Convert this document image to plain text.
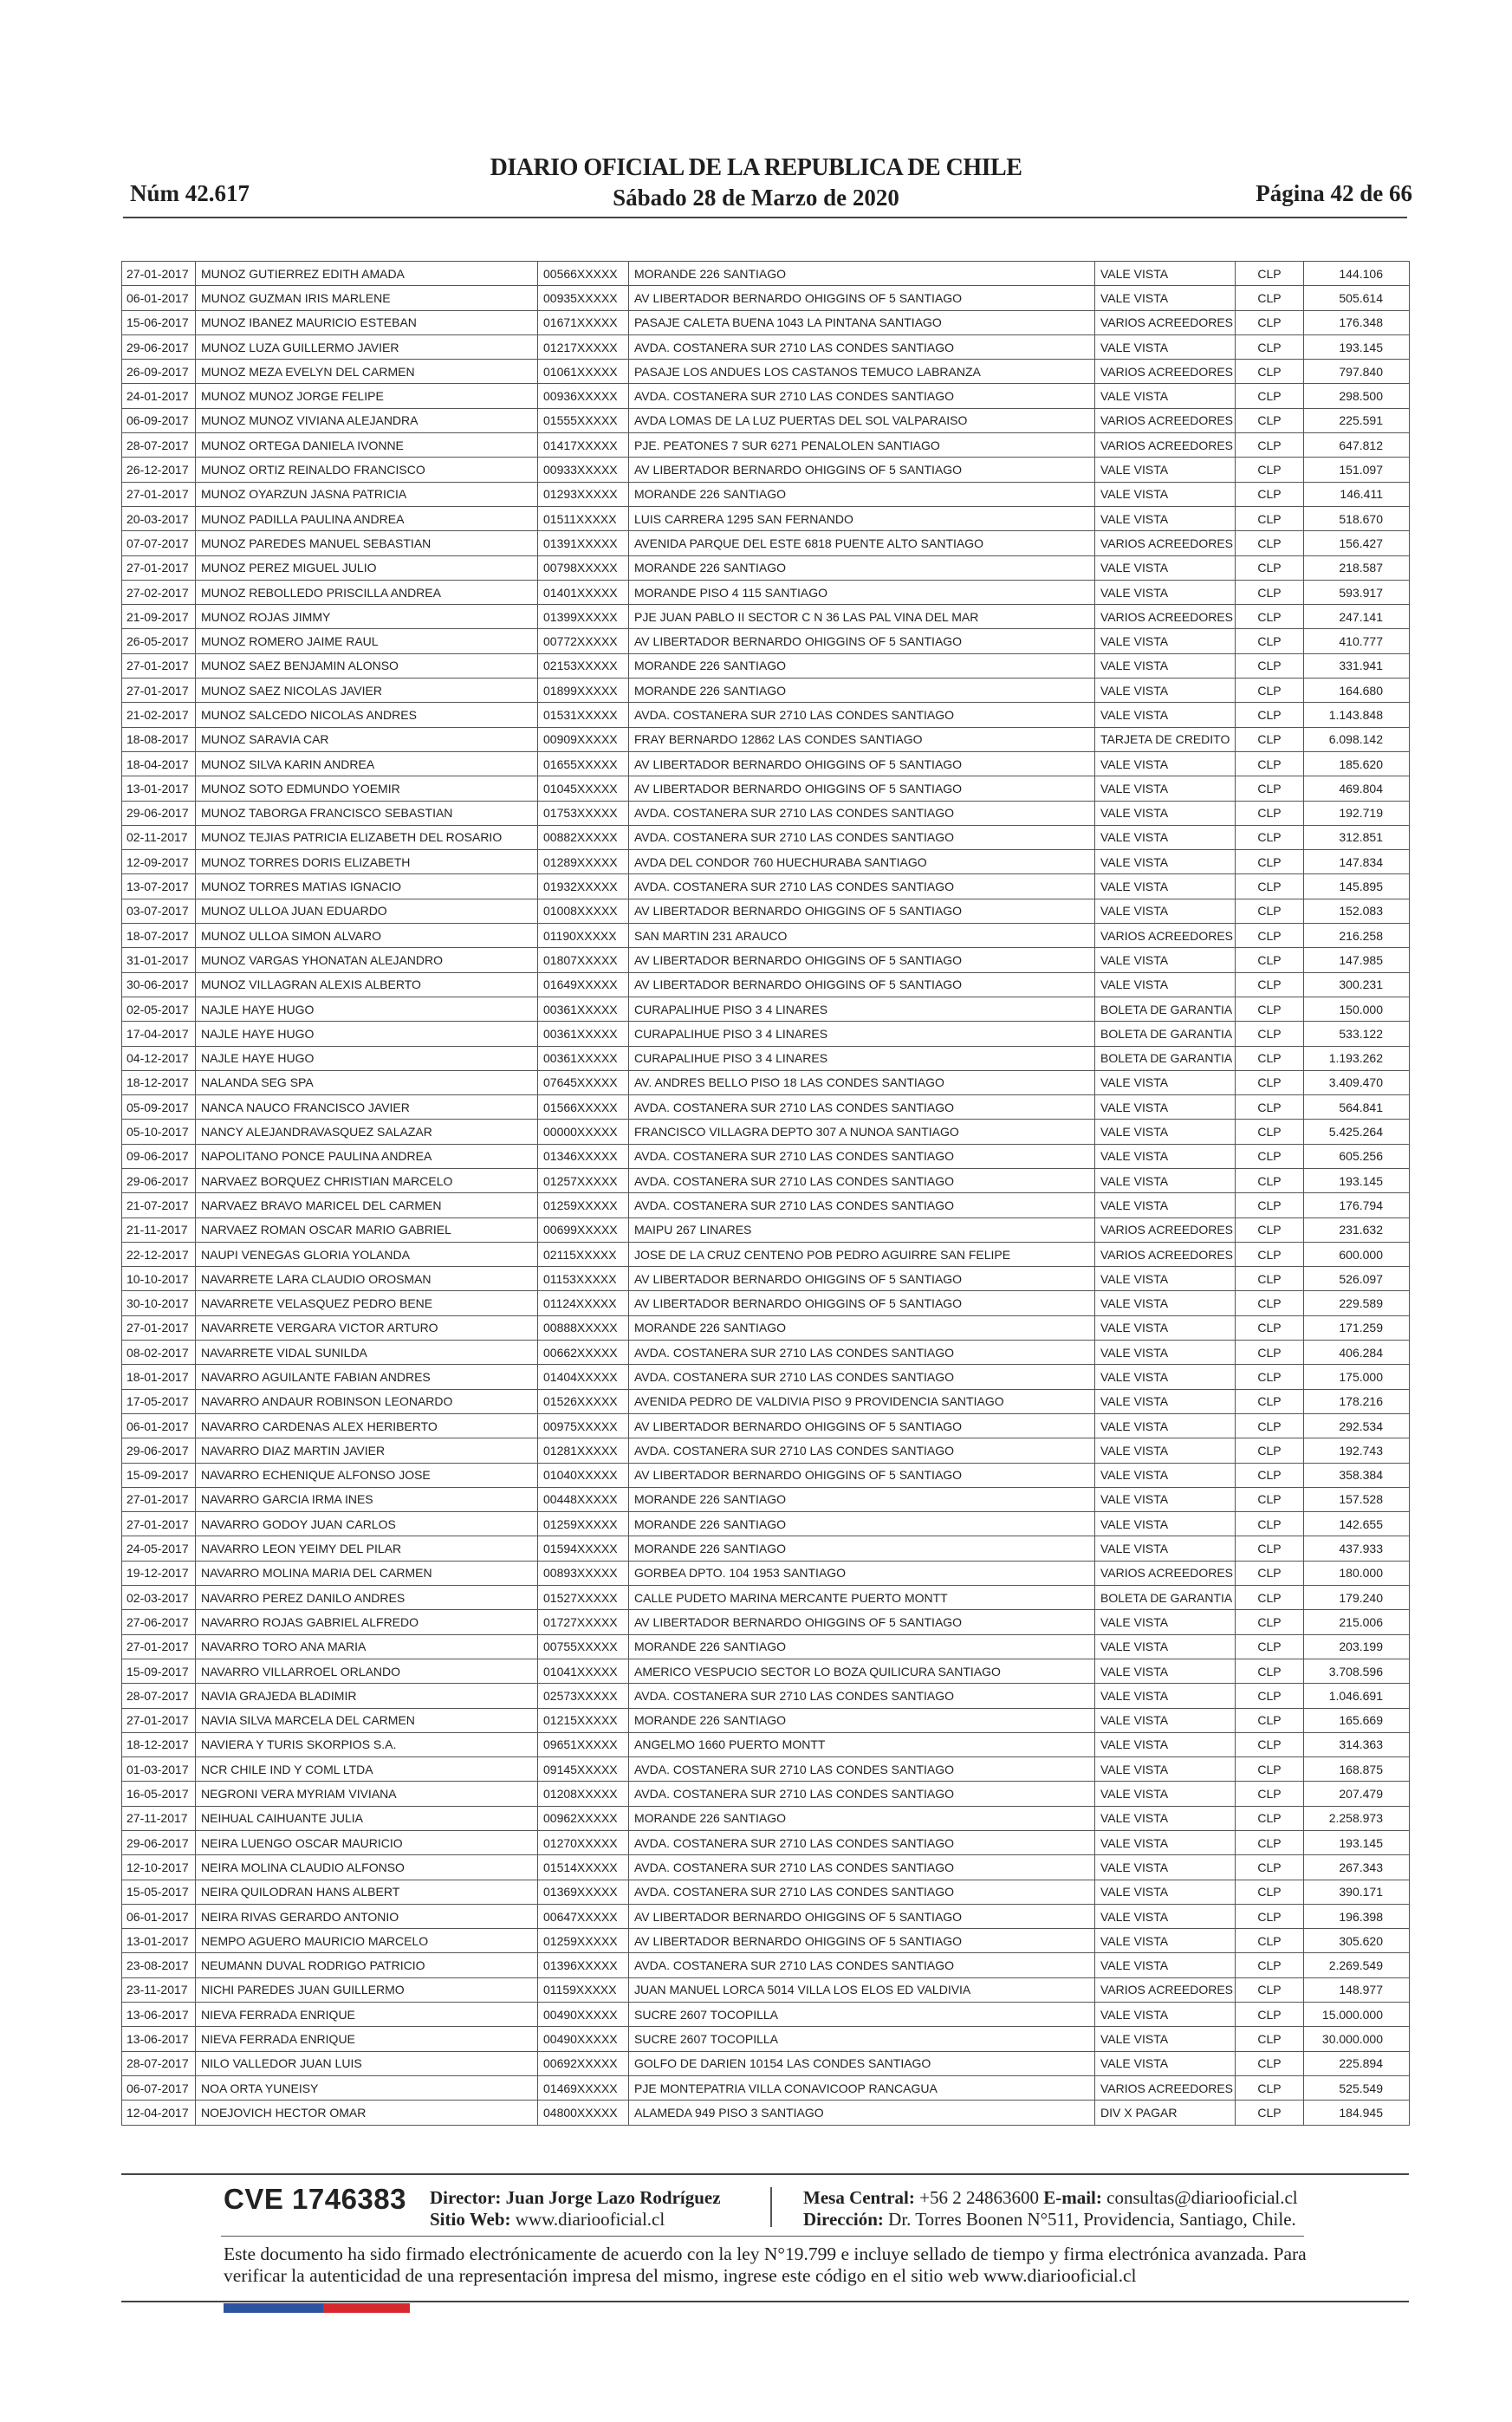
Núm 42.617
DIARIO OFICIAL DE LA REPUBLICA DE CHILE
Sábado 28 de Marzo de 2020	Página 42 de 66
27-01-2017	MUNOZ GUTIERREZ EDITH AMADA	00566XXXXX	MORANDE 226 SANTIAGO	VALE VISTA	CLP	144.106
06-01-2017	MUNOZ GUZMAN IRIS MARLENE	00935XXXXX	AV LIBERTADOR BERNARDO OHIGGINS OF 5 SANTIAGO	VALE VISTA	CLP	505.614
15-06-2017	MUNOZ IBANEZ MAURICIO ESTEBAN	01671XXXXX	PASAJE CALETA BUENA 1043 LA PINTANA SANTIAGO	VARIOS ACREEDORES	CLP	176.348
29-06-2017	MUNOZ LUZA GUILLERMO JAVIER	01217XXXXX	AVDA. COSTANERA SUR 2710 LAS CONDES SANTIAGO	VALE VISTA	CLP	193.145
26-09-2017	MUNOZ MEZA EVELYN DEL CARMEN	01061XXXXX	PASAJE LOS ANDUES LOS CASTANOS TEMUCO LABRANZA	VARIOS ACREEDORES	CLP	797.840
24-01-2017	MUNOZ MUNOZ JORGE FELIPE	00936XXXXX	AVDA. COSTANERA SUR 2710 LAS CONDES SANTIAGO	VALE VISTA	CLP	298.500
06-09-2017	MUNOZ MUNOZ VIVIANA ALEJANDRA	01555XXXXX	AVDA LOMAS DE LA LUZ PUERTAS DEL SOL VALPARAISO	VARIOS ACREEDORES	CLP	225.591
28-07-2017	MUNOZ ORTEGA DANIELA IVONNE	01417XXXXX	PJE. PEATONES 7 SUR 6271 PENALOLEN SANTIAGO	VARIOS ACREEDORES	CLP	647.812
26-12-2017	MUNOZ ORTIZ REINALDO FRANCISCO	00933XXXXX	AV LIBERTADOR BERNARDO OHIGGINS OF 5 SANTIAGO	VALE VISTA	CLP	151.097
27-01-2017	MUNOZ OYARZUN JASNA PATRICIA	01293XXXXX	MORANDE 226 SANTIAGO	VALE VISTA	CLP	146.411
20-03-2017	MUNOZ PADILLA PAULINA ANDREA	01511XXXXX	LUIS CARRERA 1295 SAN FERNANDO	VALE VISTA	CLP	518.670
07-07-2017	MUNOZ PAREDES MANUEL SEBASTIAN	01391XXXXX	AVENIDA PARQUE DEL ESTE 6818 PUENTE ALTO SANTIAGO	VARIOS ACREEDORES	CLP	156.427
27-01-2017	MUNOZ PEREZ MIGUEL JULIO	00798XXXXX	MORANDE 226 SANTIAGO	VALE VISTA	CLP	218.587
27-02-2017	MUNOZ REBOLLEDO PRISCILLA ANDREA	01401XXXXX	MORANDE PISO 4 115 SANTIAGO	VALE VISTA	CLP	593.917
21-09-2017	MUNOZ ROJAS JIMMY	01399XXXXX	PJE JUAN PABLO II SECTOR C N 36 LAS PAL VINA DEL MAR	VARIOS ACREEDORES	CLP	247.141
26-05-2017	MUNOZ ROMERO JAIME RAUL	00772XXXXX	AV LIBERTADOR BERNARDO OHIGGINS OF 5 SANTIAGO	VALE VISTA	CLP	410.777
27-01-2017	MUNOZ SAEZ BENJAMIN ALONSO	02153XXXXX	MORANDE 226 SANTIAGO	VALE VISTA	CLP	331.941
27-01-2017	MUNOZ SAEZ NICOLAS JAVIER	01899XXXXX	MORANDE 226 SANTIAGO	VALE VISTA	CLP	164.680
21-02-2017	MUNOZ SALCEDO NICOLAS ANDRES	01531XXXXX	AVDA. COSTANERA SUR 2710 LAS CONDES SANTIAGO	VALE VISTA	CLP	1.143.848
18-08-2017	MUNOZ SARAVIA CAR	00909XXXXX	FRAY BERNARDO 12862 LAS CONDES SANTIAGO	TARJETA DE CREDITO	CLP	6.098.142
18-04-2017	MUNOZ SILVA KARIN ANDREA	01655XXXXX	AV LIBERTADOR BERNARDO OHIGGINS OF 5 SANTIAGO	VALE VISTA	CLP	185.620
13-01-2017	MUNOZ SOTO EDMUNDO YOEMIR	01045XXXXX	AV LIBERTADOR BERNARDO OHIGGINS OF 5 SANTIAGO	VALE VISTA	CLP	469.804
29-06-2017	MUNOZ TABORGA FRANCISCO SEBASTIAN	01753XXXXX	AVDA. COSTANERA SUR 2710 LAS CONDES SANTIAGO	VALE VISTA	CLP	192.719
02-11-2017	MUNOZ TEJIAS PATRICIA ELIZABETH DEL ROSARIO	00882XXXXX	AVDA. COSTANERA SUR 2710 LAS CONDES SANTIAGO	VALE VISTA	CLP	312.851
12-09-2017	MUNOZ TORRES DORIS ELIZABETH	01289XXXXX	AVDA DEL CONDOR 760 HUECHURABA SANTIAGO	VALE VISTA	CLP	147.834
13-07-2017	MUNOZ TORRES MATIAS IGNACIO	01932XXXXX	AVDA. COSTANERA SUR 2710 LAS CONDES SANTIAGO	VALE VISTA	CLP	145.895
03-07-2017	MUNOZ ULLOA JUAN EDUARDO	01008XXXXX	AV LIBERTADOR BERNARDO OHIGGINS OF 5 SANTIAGO	VALE VISTA	CLP	152.083
18-07-2017	MUNOZ ULLOA SIMON ALVARO	01190XXXXX	SAN MARTIN 231 ARAUCO	VARIOS ACREEDORES	CLP	216.258
31-01-2017	MUNOZ VARGAS YHONATAN ALEJANDRO	01807XXXXX	AV LIBERTADOR BERNARDO OHIGGINS OF 5 SANTIAGO	VALE VISTA	CLP	147.985
30-06-2017	MUNOZ VILLAGRAN ALEXIS ALBERTO	01649XXXXX	AV LIBERTADOR BERNARDO OHIGGINS OF 5 SANTIAGO	VALE VISTA	CLP	300.231
02-05-2017	NAJLE HAYE HUGO	00361XXXXX	CURAPALIHUE PISO 3 4 LINARES	BOLETA DE GARANTIA	CLP	150.000
17-04-2017	NAJLE HAYE HUGO	00361XXXXX	CURAPALIHUE PISO 3 4 LINARES	BOLETA DE GARANTIA	CLP	533.122
04-12-2017	NAJLE HAYE HUGO	00361XXXXX	CURAPALIHUE PISO 3 4 LINARES	BOLETA DE GARANTIA	CLP	1.193.262
18-12-2017	NALANDA SEG SPA	07645XXXXX	AV. ANDRES BELLO PISO 18 LAS CONDES SANTIAGO	VALE VISTA	CLP	3.409.470
05-09-2017	NANCA NAUCO FRANCISCO JAVIER	01566XXXXX	AVDA. COSTANERA SUR 2710 LAS CONDES SANTIAGO	VALE VISTA	CLP	564.841
05-10-2017	NANCY ALEJANDRAVASQUEZ SALAZAR	00000XXXXX	FRANCISCO VILLAGRA DEPTO 307 A NUNOA SANTIAGO	VALE VISTA	CLP	5.425.264
09-06-2017	NAPOLITANO PONCE PAULINA ANDREA	01346XXXXX	AVDA. COSTANERA SUR 2710 LAS CONDES SANTIAGO	VALE VISTA	CLP	605.256
29-06-2017	NARVAEZ BORQUEZ CHRISTIAN MARCELO	01257XXXXX	AVDA. COSTANERA SUR 2710 LAS CONDES SANTIAGO	VALE VISTA	CLP	193.145
21-07-2017	NARVAEZ BRAVO MARICEL DEL CARMEN	01259XXXXX	AVDA. COSTANERA SUR 2710 LAS CONDES SANTIAGO	VALE VISTA	CLP	176.794
21-11-2017	NARVAEZ ROMAN OSCAR MARIO GABRIEL	00699XXXXX	MAIPU 267 LINARES	VARIOS ACREEDORES	CLP	231.632
22-12-2017	NAUPI VENEGAS GLORIA YOLANDA	02115XXXXX	JOSE DE LA CRUZ CENTENO POB PEDRO AGUIRRE SAN FELIPE	VARIOS ACREEDORES	CLP	600.000
10-10-2017	NAVARRETE LARA CLAUDIO OROSMAN	01153XXXXX	AV LIBERTADOR BERNARDO OHIGGINS OF 5 SANTIAGO	VALE VISTA	CLP	526.097
30-10-2017	NAVARRETE VELASQUEZ PEDRO BENE	01124XXXXX	AV LIBERTADOR BERNARDO OHIGGINS OF 5 SANTIAGO	VALE VISTA	CLP	229.589
27-01-2017	NAVARRETE VERGARA VICTOR ARTURO	00888XXXXX	MORANDE 226 SANTIAGO	VALE VISTA	CLP	171.259
08-02-2017	NAVARRETE VIDAL SUNILDA	00662XXXXX	AVDA. COSTANERA SUR 2710 LAS CONDES SANTIAGO	VALE VISTA	CLP	406.284
18-01-2017	NAVARRO AGUILANTE FABIAN ANDRES	01404XXXXX	AVDA. COSTANERA SUR 2710 LAS CONDES SANTIAGO	VALE VISTA	CLP	175.000
17-05-2017	NAVARRO ANDAUR ROBINSON LEONARDO	01526XXXXX	AVENIDA PEDRO DE VALDIVIA PISO 9 PROVIDENCIA SANTIAGO	VALE VISTA	CLP	178.216
06-01-2017	NAVARRO CARDENAS ALEX HERIBERTO	00975XXXXX	AV LIBERTADOR BERNARDO OHIGGINS OF 5 SANTIAGO	VALE VISTA	CLP	292.534
29-06-2017	NAVARRO DIAZ MARTIN JAVIER	01281XXXXX	AVDA. COSTANERA SUR 2710 LAS CONDES SANTIAGO	VALE VISTA	CLP	192.743
15-09-2017	NAVARRO ECHENIQUE ALFONSO JOSE	01040XXXXX	AV LIBERTADOR BERNARDO OHIGGINS OF 5 SANTIAGO	VALE VISTA	CLP	358.384
27-01-2017	NAVARRO GARCIA IRMA INES	00448XXXXX	MORANDE 226 SANTIAGO	VALE VISTA	CLP	157.528
27-01-2017	NAVARRO GODOY JUAN CARLOS	01259XXXXX	MORANDE 226 SANTIAGO	VALE VISTA	CLP	142.655
24-05-2017	NAVARRO LEON YEIMY DEL PILAR	01594XXXXX	MORANDE 226 SANTIAGO	VALE VISTA	CLP	437.933
19-12-2017	NAVARRO MOLINA MARIA DEL CARMEN	00893XXXXX	GORBEA DPTO. 104 1953 SANTIAGO	VARIOS ACREEDORES	CLP	180.000
02-03-2017	NAVARRO PEREZ DANILO ANDRES	01527XXXXX	CALLE PUDETO MARINA MERCANTE PUERTO MONTT	BOLETA DE GARANTIA	CLP	179.240
27-06-2017	NAVARRO ROJAS GABRIEL ALFREDO	01727XXXXX	AV LIBERTADOR BERNARDO OHIGGINS OF 5 SANTIAGO	VALE VISTA	CLP	215.006
27-01-2017	NAVARRO TORO ANA MARIA	00755XXXXX	MORANDE 226 SANTIAGO	VALE VISTA	CLP	203.199
15-09-2017	NAVARRO VILLARROEL ORLANDO	01041XXXXX	AMERICO VESPUCIO SECTOR LO BOZA QUILICURA SANTIAGO	VALE VISTA	CLP	3.708.596
28-07-2017	NAVIA GRAJEDA BLADIMIR	02573XXXXX	AVDA. COSTANERA SUR 2710 LAS CONDES SANTIAGO	VALE VISTA	CLP	1.046.691
27-01-2017	NAVIA SILVA MARCELA DEL CARMEN	01215XXXXX	MORANDE 226 SANTIAGO	VALE VISTA	CLP	165.669
18-12-2017	NAVIERA Y TURIS SKORPIOS S.A.	09651XXXXX	ANGELMO 1660 PUERTO MONTT	VALE VISTA	CLP	314.363
01-03-2017	NCR CHILE IND Y COML LTDA	09145XXXXX	AVDA. COSTANERA SUR 2710 LAS CONDES SANTIAGO	VALE VISTA	CLP	168.875
16-05-2017	NEGRONI VERA MYRIAM VIVIANA	01208XXXXX	AVDA. COSTANERA SUR 2710 LAS CONDES SANTIAGO	VALE VISTA	CLP	207.479
27-11-2017	NEIHUAL CAIHUANTE JULIA	00962XXXXX	MORANDE 226 SANTIAGO	VALE VISTA	CLP	2.258.973
29-06-2017	NEIRA LUENGO OSCAR MAURICIO	01270XXXXX	AVDA. COSTANERA SUR 2710 LAS CONDES SANTIAGO	VALE VISTA	CLP	193.145
12-10-2017	NEIRA MOLINA CLAUDIO ALFONSO	01514XXXXX	AVDA. COSTANERA SUR 2710 LAS CONDES SANTIAGO	VALE VISTA	CLP	267.343
15-05-2017	NEIRA QUILODRAN HANS ALBERT	01369XXXXX	AVDA. COSTANERA SUR 2710 LAS CONDES SANTIAGO	VALE VISTA	CLP	390.171
06-01-2017	NEIRA RIVAS GERARDO ANTONIO	00647XXXXX	AV LIBERTADOR BERNARDO OHIGGINS OF 5 SANTIAGO	VALE VISTA	CLP	196.398
13-01-2017	NEMPO AGUERO MAURICIO MARCELO	01259XXXXX	AV LIBERTADOR BERNARDO OHIGGINS OF 5 SANTIAGO	VALE VISTA	CLP	305.620
23-08-2017	NEUMANN DUVAL RODRIGO PATRICIO	01396XXXXX	AVDA. COSTANERA SUR 2710 LAS CONDES SANTIAGO	VALE VISTA	CLP	2.269.549
23-11-2017	NICHI PAREDES JUAN GUILLERMO	01159XXXXX	JUAN MANUEL LORCA 5014 VILLA LOS ELOS ED VALDIVIA	VARIOS ACREEDORES	CLP	148.977
13-06-2017	NIEVA FERRADA ENRIQUE	00490XXXXX	SUCRE 2607 TOCOPILLA	VALE VISTA	CLP	15.000.000
13-06-2017	NIEVA FERRADA ENRIQUE	00490XXXXX	SUCRE 2607 TOCOPILLA	VALE VISTA	CLP	30.000.000
28-07-2017	NILO VALLEDOR JUAN LUIS	00692XXXXX	GOLFO DE DARIEN 10154 LAS CONDES SANTIAGO	VALE VISTA	CLP	225.894
06-07-2017	NOA ORTA YUNEISY	01469XXXXX	PJE MONTEPATRIA VILLA CONAVICOOP RANCAGUA	VARIOS ACREEDORES	CLP	525.549
12-04-2017	NOEJOVICH HECTOR OMAR	04800XXXXX	ALAMEDA 949 PISO 3 SANTIAGO	DIV X PAGAR	CLP	184.945
CVE 1746383 Director: Juan Jorge Lazo Rodríguez
Sitio Web: www.diariooficial.cl
Mesa Central: +56 2 24863600 E-mail: consultas@diariooficial.cl
Dirección: Dr. Torres Boonen N°511, Providencia, Santiago, Chile.
Este documento ha sido firmado electrónicamente de acuerdo con la ley N°19.799 e incluye sellado de tiempo y firma electrónica avanzada. Para verificar la autenticidad de una representación impresa del mismo, ingrese este código en el sitio web www.diariooficial.cl
